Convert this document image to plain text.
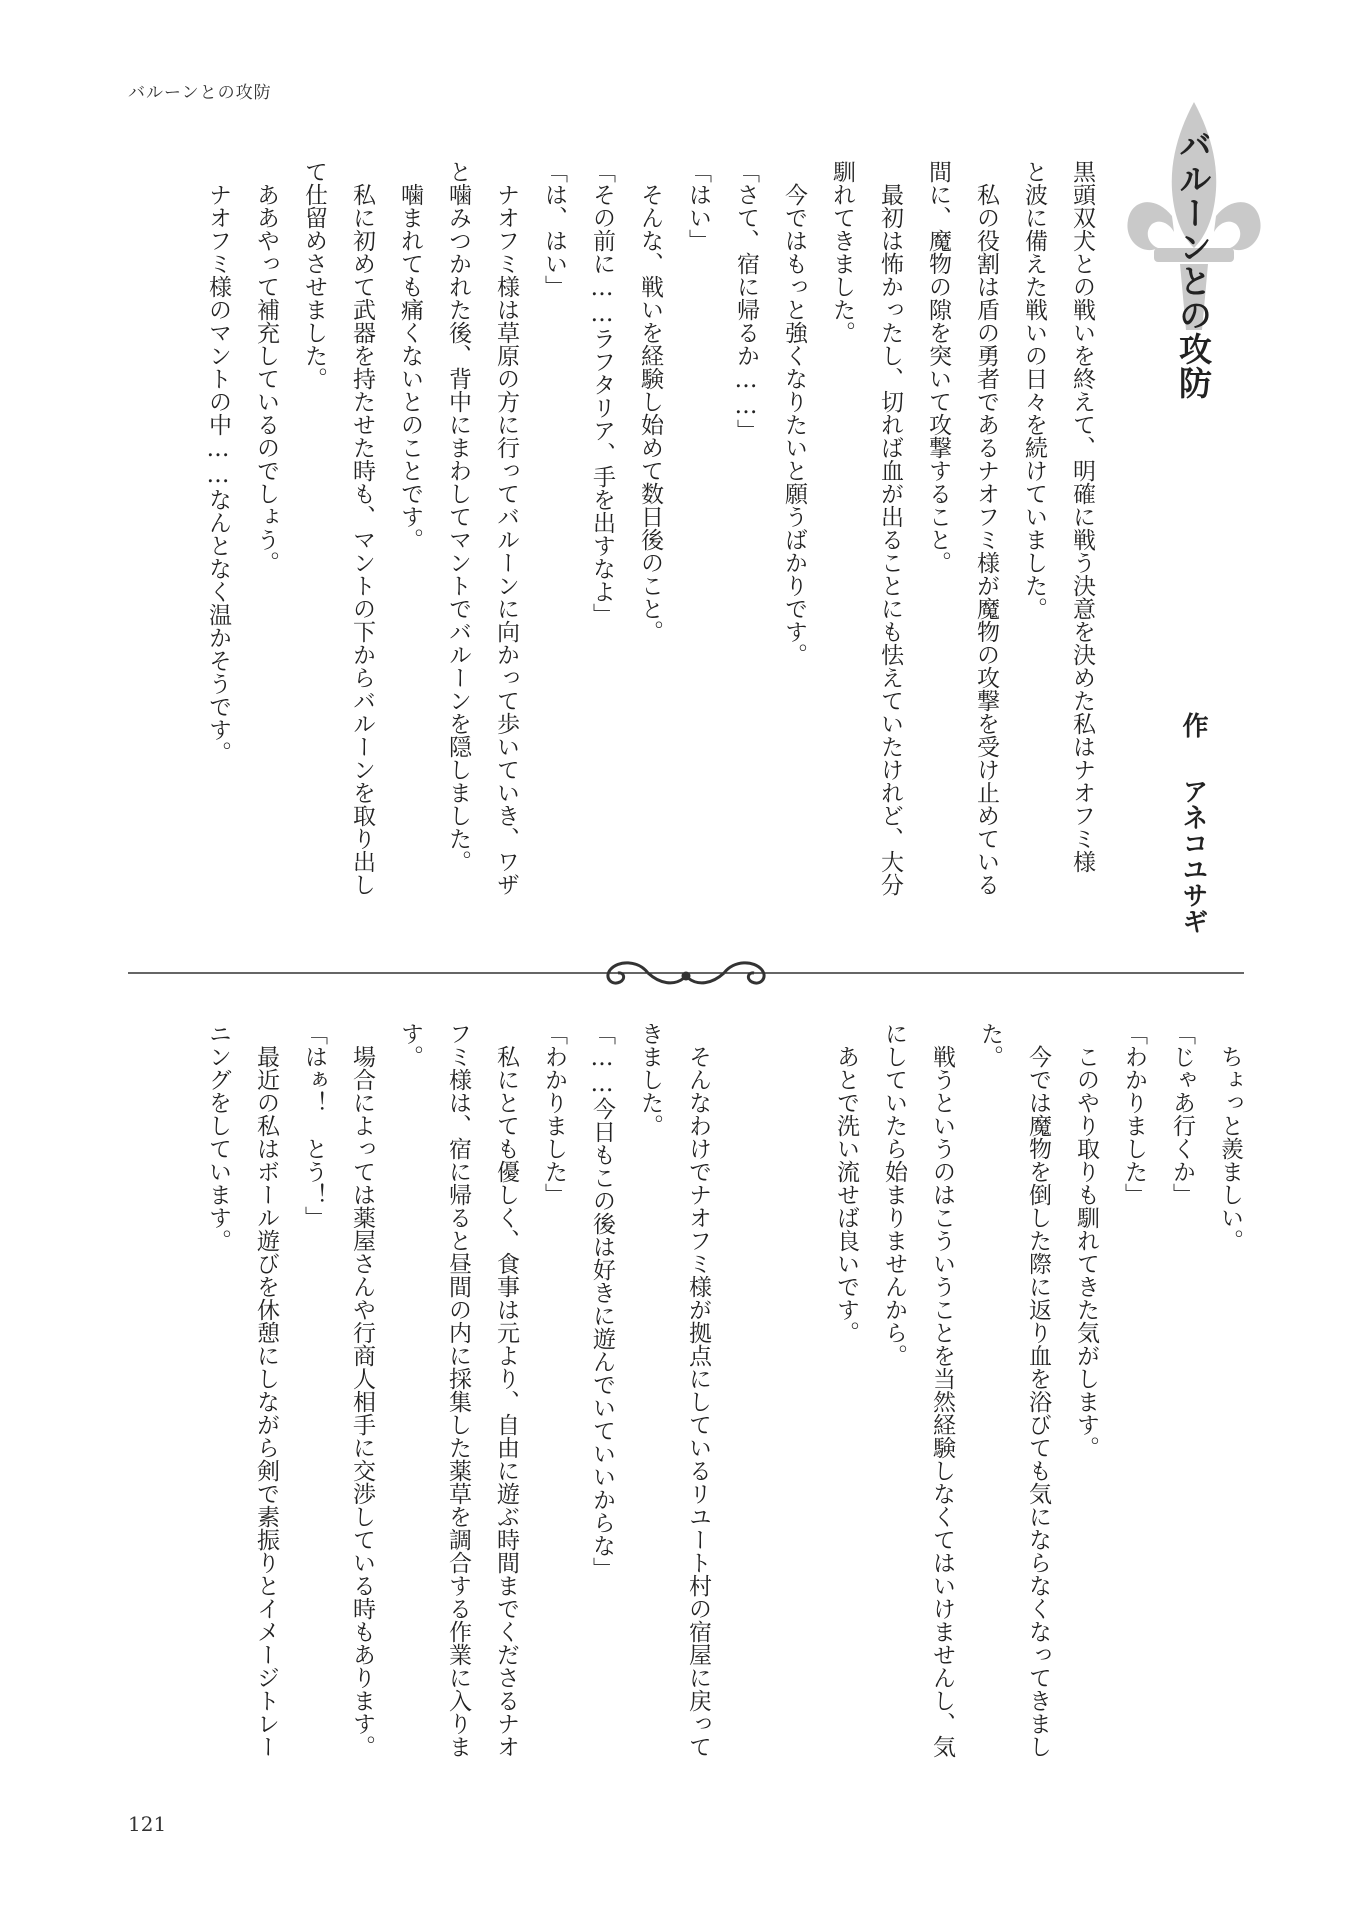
バルーンとの攻防
バルーンとの攻防
作アネコユサギ
黒頭双犬との戦いを終えて、明確に戦う決意を決めた私はナオフミ様
と波に備えた戦いの日々を続けていました。
　私の役割は盾の勇者であるナオフミ様が魔物の攻撃を受け止めている
間に、魔物の隙を突いて攻撃すること。
　最初は怖かったし、切れば血が出ることにも怯えていたけれど、大分
馴れてきました。
　今ではもっと強くなりたいと願うばかりです。
「さて、宿に帰るか……」
「はい」
　そんな、戦いを経験し始めて数日後のこと。
「その前に……ラフタリア、手を出すなよ」
「は、はい」
　ナオフミ様は草原の方に行ってバルーンに向かって歩いていき、ワザ
と噛みつかれた後、背中にまわしてマントでバルーンを隠しました。
　噛まれても痛くないとのことです。
　私に初めて武器を持たせた時も、マントの下からバルーンを取り出し
て仕留めさせました。
　ああやって補充しているのでしょう。
　ナオフミ様のマントの中……なんとなく温かそうです。
　ちょっと羨ましい。
「じゃあ行くか」
「わかりました」
　このやり取りも馴れてきた気がします。
　今では魔物を倒した際に返り血を浴びても気にならなくなってきまし
た。
　戦うというのはこういうことを当然経験しなくてはいけませんし、気
にしていたら始まりませんから。
　あとで洗い流せば良いです。
　そんなわけでナオフミ様が拠点にしているリユート村の宿屋に戻って
きました。
「……今日もこの後は好きに遊んでいていいからな」
「わかりました」
　私にとても優しく、食事は元より、自由に遊ぶ時間までくださるナオ
フミ様は、宿に帰ると昼間の内に採集した薬草を調合する作業に入りま
す。
　場合によっては薬屋さんや行商人相手に交渉している時もあります。
「はぁ！　とう！」
　最近の私はボール遊びを休憩にしながら剣で素振りとイメージトレー
ニングをしています。
121
